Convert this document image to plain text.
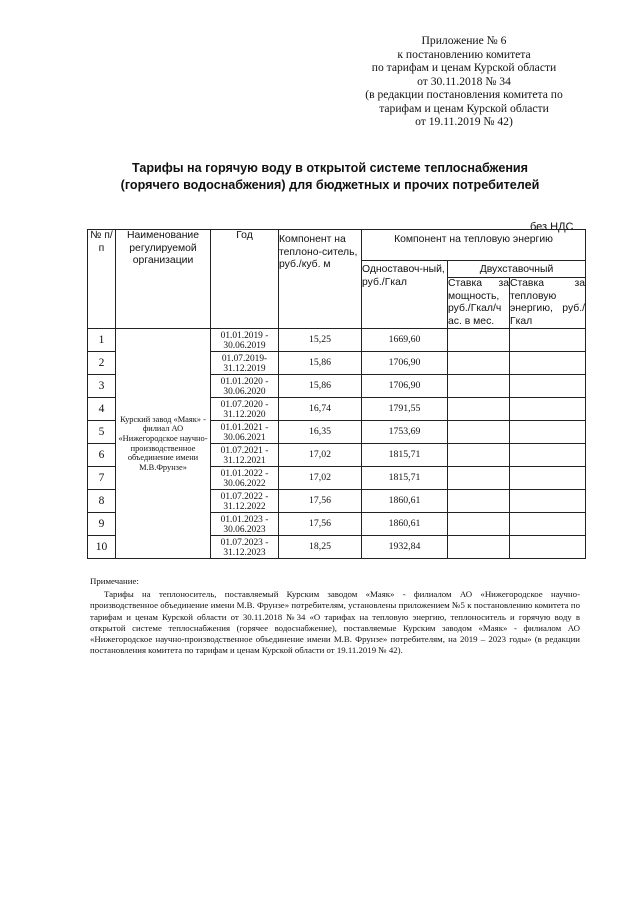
Приложение № 6
к постановлению комитета
по тарифам и ценам Курской области
от 30.11.2018 № 34
(в редакции постановления комитета по
тарифам и ценам Курской области
от 19.11.2019 № 42)
Тарифы на горячую воду в открытой системе теплоснабжения
(горячего водоснабжения) для бюджетных и прочих потребителей
без НДС
№ п/п	Наименование регулируемой организации	Год	Компонент на теплоно-ситель, руб./куб. м	Компонент на тепловую энергию		
				Одноставоч-ный, руб./Гкал	Двухставочный	
					Ставка за мощность, руб./Гкал/ч ас. в мес.	Ставка за тепловую энергию, руб./Гкал
1	Курский завод «Маяк» - филиал АО «Нижегородское научно-производственное объединение имени М.В.Фрунзе»	01.01.2019 - 30.06.2019	15,25	1669,60		
2		01.07.2019- 31.12.2019	15,86	1706,90		
3		01.01.2020 - 30.06.2020	15,86	1706,90		
4		01.07.2020 - 31.12.2020	16,74	1791,55		
5		01.01.2021 - 30.06.2021	16,35	1753,69		
6		01.07.2021 - 31.12.2021	17,02	1815,71		
7		01.01.2022 - 30.06.2022	17,02	1815,71		
8		01.07.2022 - 31.12.2022	17,56	1860,61		
9		01.01.2023 - 30.06.2023	17,56	1860,61		
10		01.07.2023 - 31.12.2023	18,25	1932,84		
Примечание:

Тарифы на теплоноситель, поставляемый Курским заводом «Маяк» - филиалом АО «Нижегородское научно-производственное объединение имени М.В. Фрунзе» потребителям, установлены приложением №5 к постановлению комитета по тарифам и ценам Курской области от 30.11.2018 №34 «О тарифах на тепловую энергию, теплоноситель и горячую воду в открытой системе теплоснабжения (горячее водоснабжение), поставляемые Курским заводом «Маяк» - филиалом АО «Нижегородское научно-производственное объединение имени М.В. Фрунзе» потребителям, на 2019 – 2023 годы» (в редакции постановления комитета по тарифам и ценам Курской области от 19.11.2019 № 42).
